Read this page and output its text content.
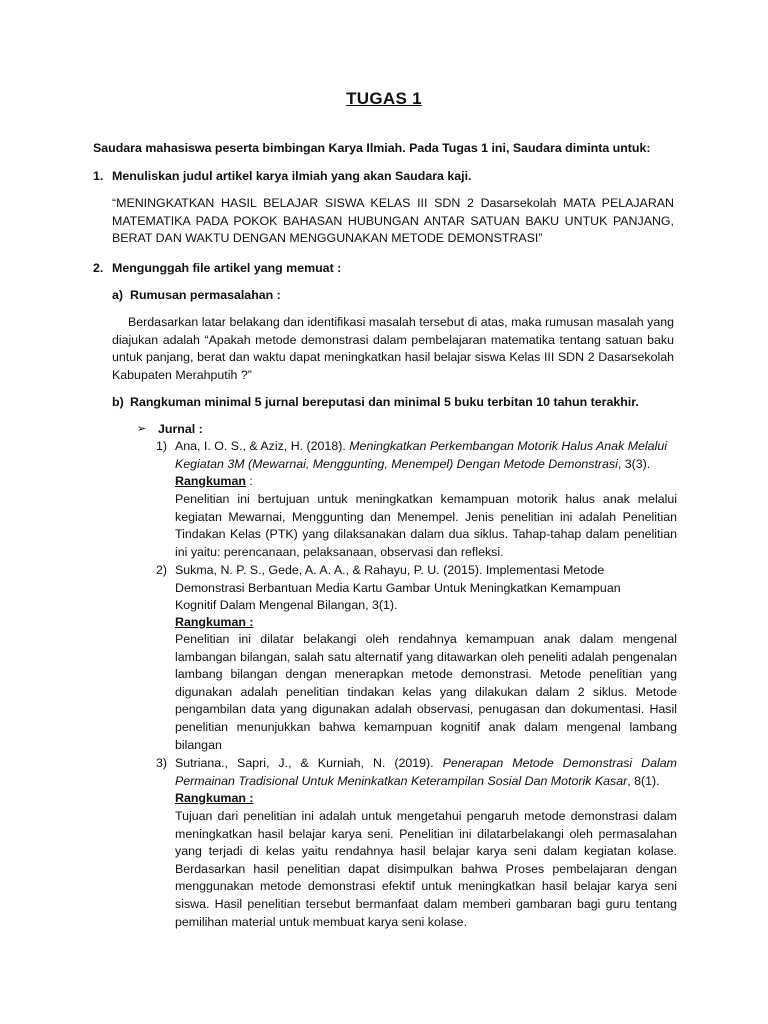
TUGAS 1
Saudara mahasiswa peserta bimbingan Karya Ilmiah. Pada Tugas 1 ini, Saudara diminta untuk:
1. Menuliskan judul artikel karya ilmiah yang akan Saudara kaji.
“MENINGKATKAN HASIL BELAJAR SISWA KELAS III SDN 2 Dasarsekolah MATA PELAJARAN MATEMATIKA PADA POKOK BAHASAN HUBUNGAN ANTAR SATUAN BAKU UNTUK PANJANG, BERAT DAN WAKTU DENGAN MENGGUNAKAN METODE DEMONSTRASI”
2. Mengunggah file artikel yang memuat :
a) Rumusan permasalahan :
Berdasarkan latar belakang dan identifikasi masalah tersebut di atas, maka rumusan masalah yang diajukan adalah “Apakah metode demonstrasi dalam pembelajaran matematika tentang satuan baku untuk panjang, berat dan waktu dapat meningkatkan hasil belajar siswa Kelas III SDN 2 Dasarsekolah Kabupaten Merahputih ?”
b) Rangkuman minimal 5 jurnal bereputasi dan minimal 5 buku terbitan 10 tahun terakhir.
➢ Jurnal :
1) Ana, I. O. S., & Aziz, H. (2018). Meningkatkan Perkembangan Motorik Halus Anak Melalui Kegiatan 3M (Mewarnai, Menggunting, Menempel) Dengan Metode Demonstrasi, 3(3).
Rangkuman :
Penelitian ini bertujuan untuk meningkatkan kemampuan motorik halus anak melalui kegiatan Mewarnai, Menggunting dan Menempel. Jenis penelitian ini adalah Penelitian Tindakan Kelas (PTK) yang dilaksanakan dalam dua siklus. Tahap-tahap dalam penelitian ini yaitu: perencanaan, pelaksanaan, observasi dan refleksi.
2) Sukma, N. P. S., Gede, A. A. A., & Rahayu, P. U. (2015). Implementasi Metode Demonstrasi Berbantuan Media Kartu Gambar Untuk Meningkatkan Kemampuan Kognitif Dalam Mengenal Bilangan, 3(1).
Rangkuman :
Penelitian ini dilatar belakangi oleh rendahnya kemampuan anak dalam mengenal lambangan bilangan, salah satu alternatif yang ditawarkan oleh peneliti adalah pengenalan lambang bilangan dengan menerapkan metode demonstrasi. Metode penelitian yang digunakan adalah penelitian tindakan kelas yang dilakukan dalam 2 siklus. Metode pengambilan data yang digunakan adalah observasi, penugasan dan dokumentasi. Hasil penelitian menunjukkan bahwa kemampuan kognitif anak dalam mengenal lambang bilangan
3) Sutriana., Sapri, J., & Kurniah, N. (2019). Penerapan Metode Demonstrasi Dalam Permainan Tradisional Untuk Meninkatkan Keterampilan Sosial Dan Motorik Kasar, 8(1).
Rangkuman :
Tujuan dari penelitian ini adalah untuk mengetahui pengaruh metode demonstrasi dalam meningkatkan hasil belajar karya seni. Penelitian ini dilatarbelakangi oleh permasalahan yang terjadi di kelas yaitu rendahnya hasil belajar karya seni dalam kegiatan kolase. Berdasarkan hasil penelitian dapat disimpulkan bahwa Proses pembelajaran dengan menggunakan metode demonstrasi efektif untuk meningkatkan hasil belajar karya seni siswa. Hasil penelitian tersebut bermanfaat dalam memberi gambaran bagi guru tentang pemilihan material untuk membuat karya seni kolase.
